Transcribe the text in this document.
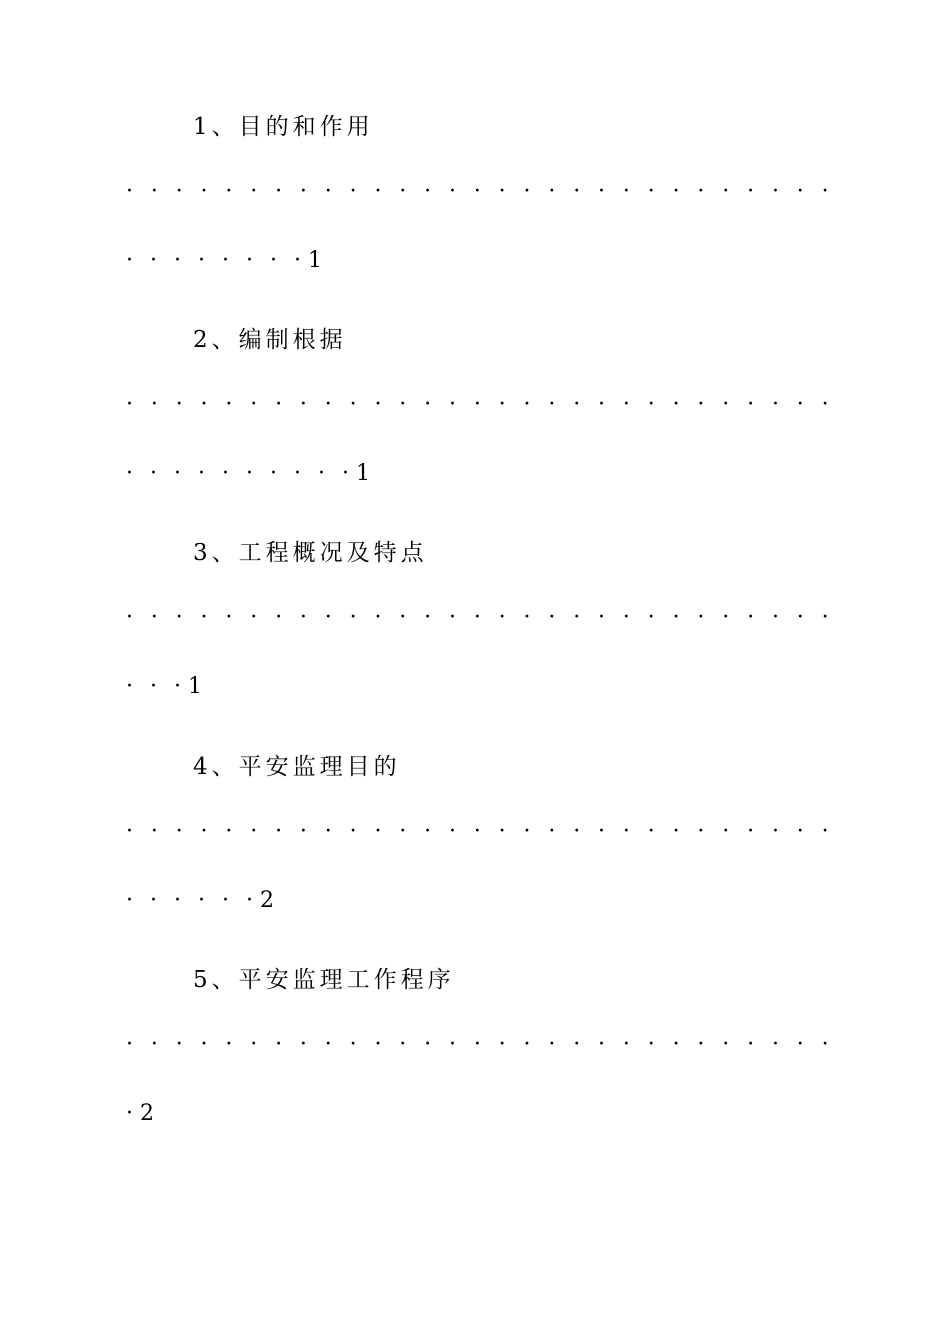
1、目的和作用
· · · · · · · · · · · · · · · · · · · · · · · · · · · · ·
· · · · · · · · 1
2、编制根据
· · · · · · · · · · · · · · · · · · · · · · · · · · · · ·
· · · · · · · · · · 1
3、工程概况及特点
· · · · · · · · · · · · · · · · · · · · · · · · · · · · ·
· · · 1
4、平安监理目的
· · · · · · · · · · · · · · · · · · · · · · · · · · · · ·
· · · · · · 2
5、平安监理工作程序
· · · · · · · · · · · · · · · · · · · · · · · · · · · · ·
· 2
